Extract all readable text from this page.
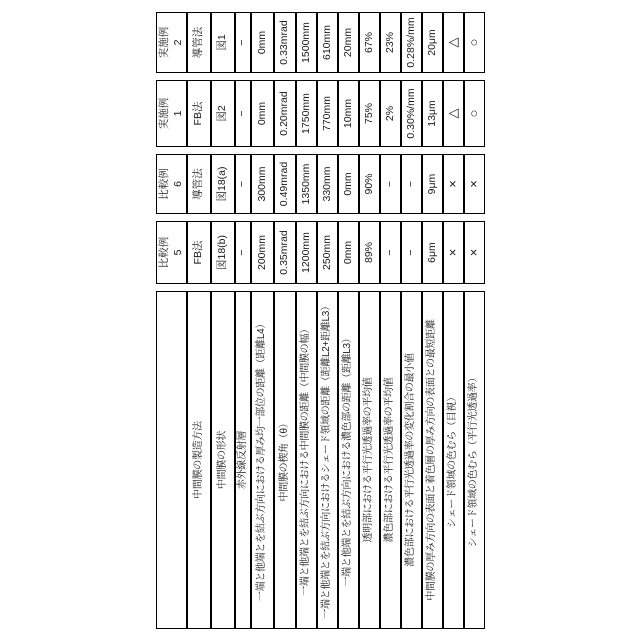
比較例
5
比較例
6
実施例
1
実施例
2
中間膜の製造方法
FB法
導管法
FB法
導管法
中間膜の形状
図18(b)
図18(a)
図2
図1
赤外線反射層
−
−
−
−
一端と他端とを結ぶ方向における厚み均一部位の距離（距離L4）
200mm
300mm
0mm
0mm
中間膜の楔角（θ）
0.35mrad
0.49mrad
0.20mrad
0.33mrad
一端と他端とを結ぶ方向における中間膜の距離（中間膜の幅）
1200mm
1350mm
1750mm
1500mm
一端と他端とを結ぶ方向におけるシェード領域の距離（距離L2+距離L3）
250mm
330mm
770mm
610mm
一端と他端とを結ぶ方向における濃色部の距離（距離L3）
0mm
0mm
10mm
20mm
透明部における平行光透過率の平均値
89%
90%
75%
67%
濃色部における平行光透過率の平均値
−
−
2%
23%
濃色部における平行光透過率の変化割合の最小値
−
−
0.30%/mm
0.28%/mm
中間膜の厚み方向の表面と着色層の厚み方向の表面との最短距離
6μm
9μm
13μm
20μm
シェード領域の色むら（目視）
×
×
△
△
シェード領域の色むら（平行光透過率）
×
×
○
○
